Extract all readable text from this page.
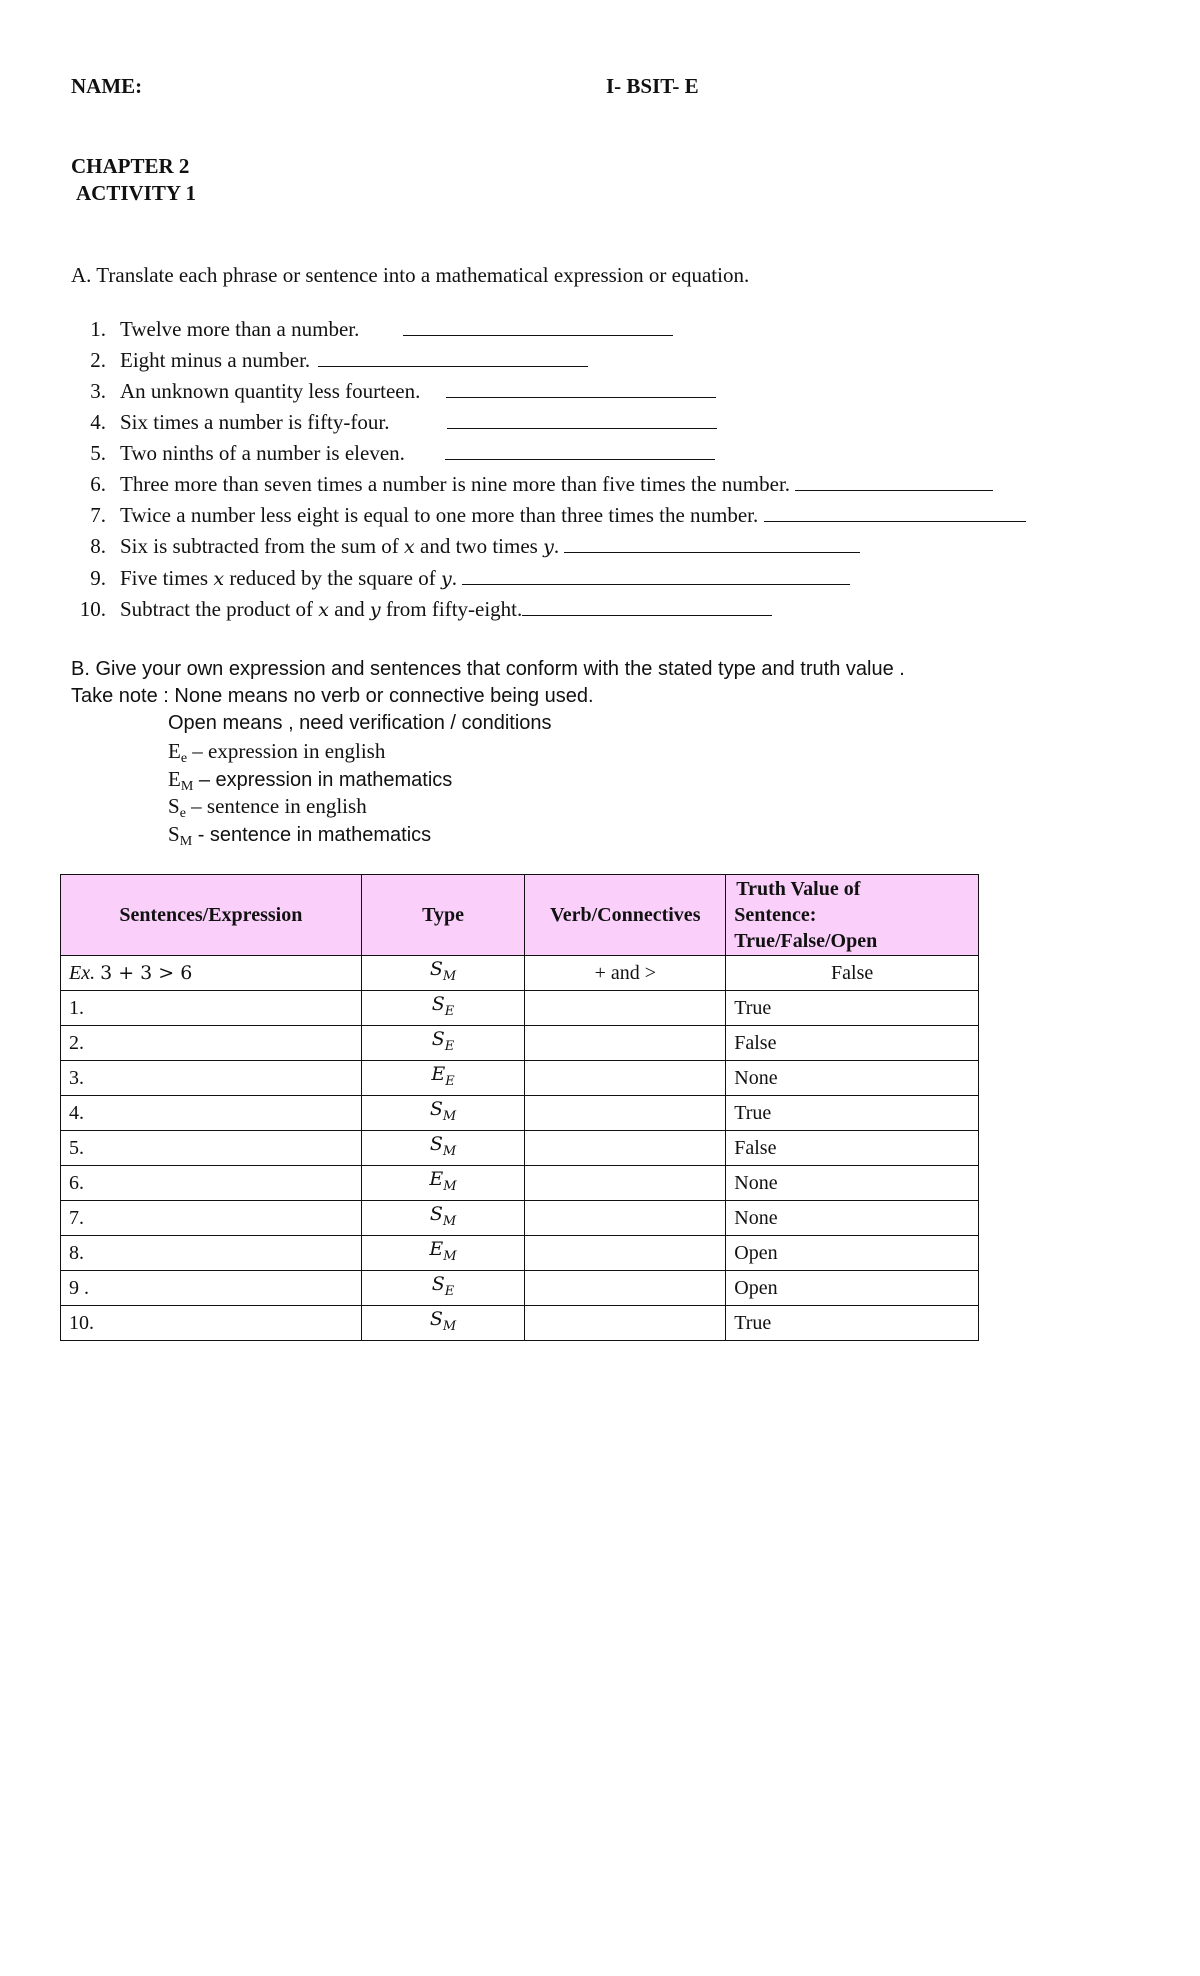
NAME:	I- BSIT- E
CHAPTER 2
ACTIVITY 1
A. Translate each phrase or sentence into a mathematical expression or equation.
1. Twelve more than a number.
2. Eight minus a number.
3. An unknown quantity less fourteen.
4. Six times a number is fifty-four.
5. Two ninths of a number is eleven.
6. Three more than seven times a number is nine more than five times the number.
7. Twice a number less eight is equal to one more than three times the number.
8. Six is subtracted from the sum of x and two times y.
9. Five times x reduced by the square of y.
10. Subtract the product of x and y from fifty-eight.
B. Give your own expression and sentences that conform with the stated type and truth value .
Take note : None means no verb or connective being used.
Open means , need verification / conditions
$E_e$ – expression in english
$E_M$ – expression in mathematics
$S_e$ – sentence in english
$S_M$ - sentence in mathematics
Sentences/Expression	Type	Verb/Connectives	Truth Value of
Sentence:
True/False/Open

Ex. 3 + 3 > 6	$S_M$	+ and >	False
1.	$S_E$		True
2.	$S_E$		False
3.	$E_E$		None
4.	$S_M$		True
5.	$S_M$		False
6.	$E_M$		None
7.	$S_M$		None
8.	$E_M$		Open
9 .	$S_E$		Open
10.	$S_M$		True
